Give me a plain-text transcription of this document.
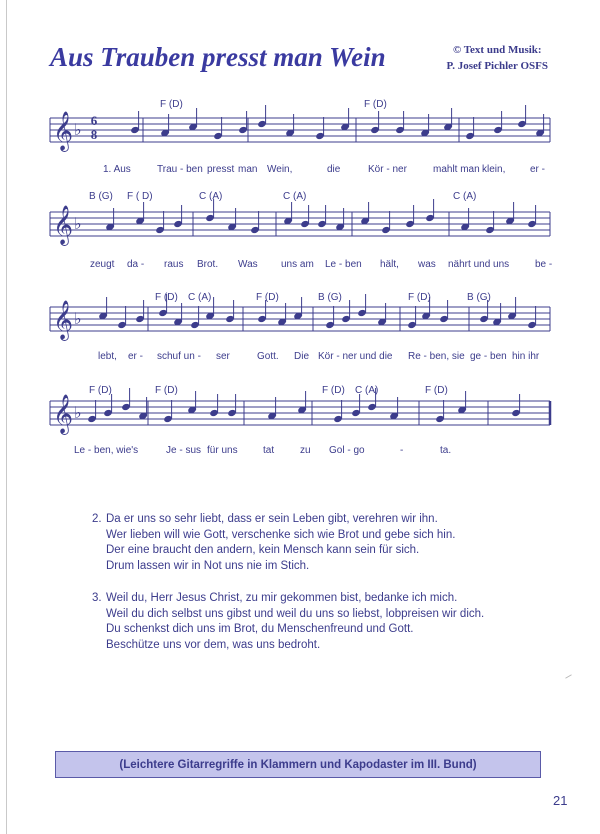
Aus Trauben presst man Wein	© Text und Musik:
P. Josef Pichler OSFS
𝄞 ♭
𝄞 ♭
𝄞 ♭
𝄞 ♭
6
8
F (D)	F (D)
1. Aus	Trau - ben presst man Wein,	die	Kör - ner	mahlt man klein, er -
B (G) F ( D)	C (A)	C (A)	C (A)
zeugt da - raus Brot. Was uns am Le - ben hält, was nährt und uns	be -
F (D) C (A)	F (D)	B (G)	F (D)	B (G)
lebt, er - schuf un - ser	Gott. Die Kör - ner und die Re - ben, sie ge - ben hin ihr
F (D)	F (D)	F (D) C (A)	F (D)
Le - ben, wie's	Je - sus für uns	tat	zu Gol - go	-	ta.
2. Da er uns so sehr liebt, dass er sein Leben gibt, verehren wir ihn.
Wer lieben will wie Gott, verschenke sich wie Brot und gebe sich hin.
Der eine braucht den andern, kein Mensch kann sein für sich.
Drum lassen wir in Not uns nie im Stich.
3. Weil du, Herr Jesus Christ, zu mir gekommen bist, bedanke ich mich.
Weil du dich selbst uns gibst und weil du uns so liebst, lobpreisen wir dich.
Du schenkst dich uns im Brot, du Menschenfreund und Gott.
Beschütze uns vor dem, was uns bedroht.
(Leichtere Gitarregriffe in Klammern und Kapodaster im III. Bund)
21
